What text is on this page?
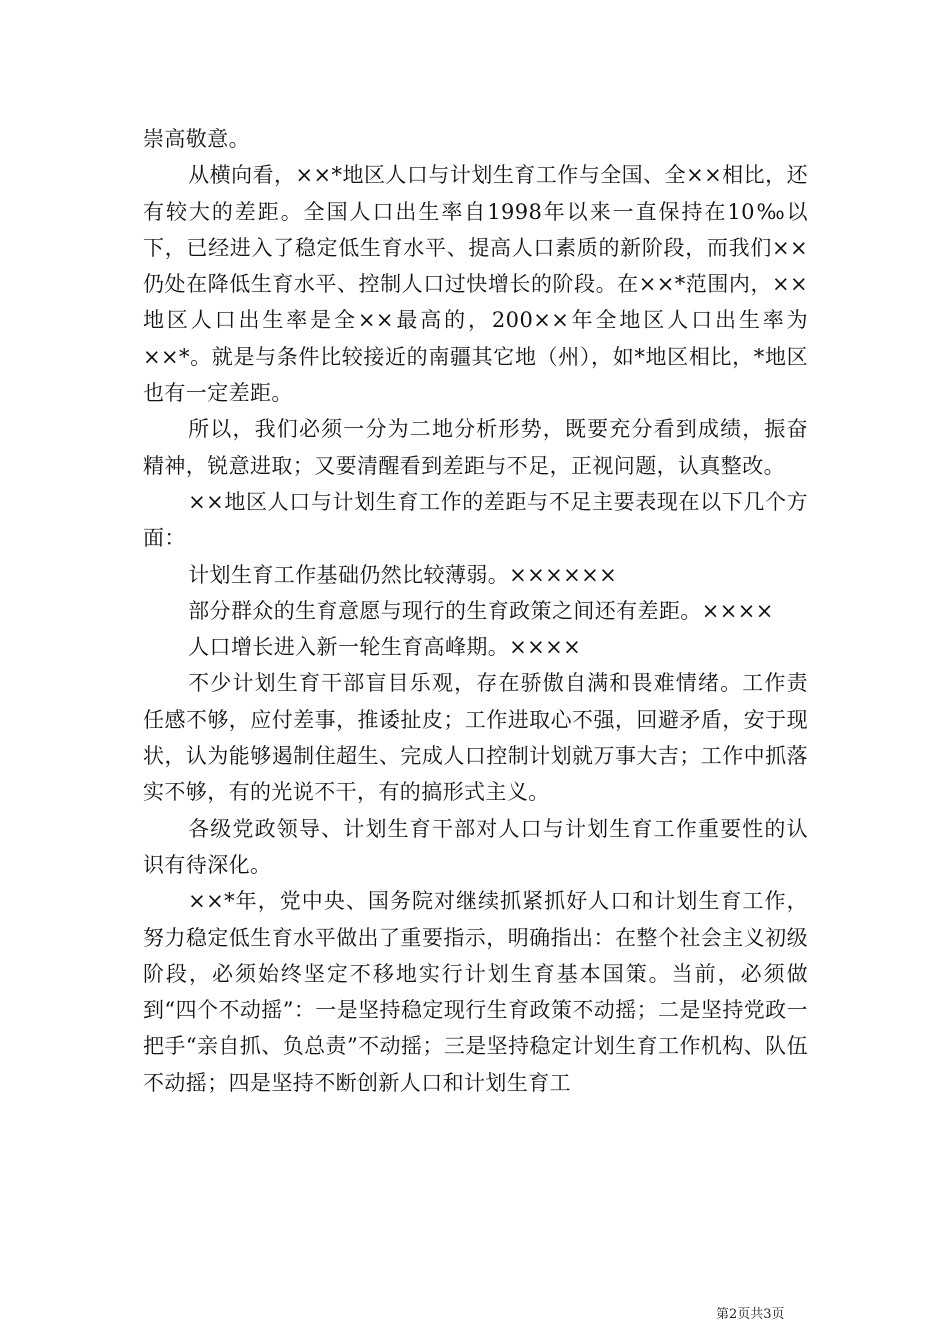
崇高敬意。

从横向看，××*地区人口与计划生育工作与全国、全××相比，还有较大的差距。全国人口出生率自1998年以来一直保持在10‰以下，已经进入了稳定低生育水平、提高人口素质的新阶段，而我们××仍处在降低生育水平、控制人口过快增长的阶段。在××*范围内，××地区人口出生率是全××最高的，200××年全地区人口出生率为××*。就是与条件比较接近的南疆其它地（州），如*地区相比，*地区也有一定差距。

所以，我们必须一分为二地分析形势，既要充分看到成绩，振奋精神，锐意进取；又要清醒看到差距与不足，正视问题，认真整改。

××地区人口与计划生育工作的差距与不足主要表现在以下几个方面：

计划生育工作基础仍然比较薄弱。××××××

部分群众的生育意愿与现行的生育政策之间还有差距。××××

人口增长进入新一轮生育高峰期。××××

不少计划生育干部盲目乐观，存在骄傲自满和畏难情绪。工作责任感不够，应付差事，推诿扯皮；工作进取心不强，回避矛盾，安于现状，认为能够遏制住超生、完成人口控制计划就万事大吉；工作中抓落实不够，有的光说不干，有的搞形式主义。

各级党政领导、计划生育干部对人口与计划生育工作重要性的认识有待深化。

××*年，党中央、国务院对继续抓紧抓好人口和计划生育工作，努力稳定低生育水平做出了重要指示，明确指出：在整个社会主义初级阶段，必须始终坚定不移地实行计划生育基本国策。当前，必须做到“四个不动摇”：一是坚持稳定现行生育政策不动摇；二是坚持党政一把手“亲自抓、负总责”不动摇；三是坚持稳定计划生育工作机构、队伍不动摇；四是坚持不断创新人口和计划生育工

第2页共3页
